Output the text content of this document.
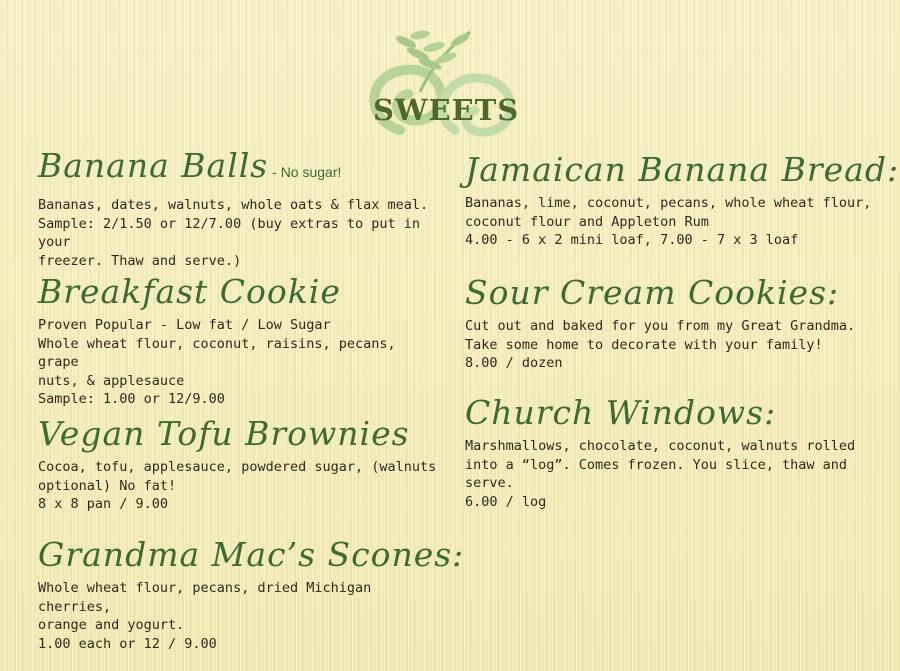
SWEETS
Banana Balls - No sugar!
Bananas, dates, walnuts, whole oats & flax meal.
Sample: 2/1.50 or 12/7.00 (buy extras to put in your
freezer. Thaw and serve.)
Breakfast Cookie
Proven Popular - Low fat / Low Sugar
Whole wheat flour, coconut, raisins, pecans, grape
nuts, & applesauce
Sample: 1.00 or 12/9.00
Vegan Tofu Brownies
Cocoa, tofu, applesauce, powdered sugar, (walnuts
optional) No fat!
8 x 8 pan / 9.00
Grandma Mac’s Scones:
Whole wheat flour, pecans, dried Michigan cherries,
orange and yogurt.
1.00 each or 12 / 9.00
Jamaican Banana Bread:
Bananas, lime, coconut, pecans, whole wheat flour,
coconut flour and Appleton Rum
4.00 - 6 x 2 mini loaf, 7.00 - 7 x 3 loaf
Sour Cream Cookies:
Cut out and baked for you from my Great Grandma.
Take some home to decorate with your family!
8.00 / dozen
Church Windows:
Marshmallows, chocolate, coconut, walnuts rolled
into a “log”. Comes frozen. You slice, thaw and serve.
6.00 / log
